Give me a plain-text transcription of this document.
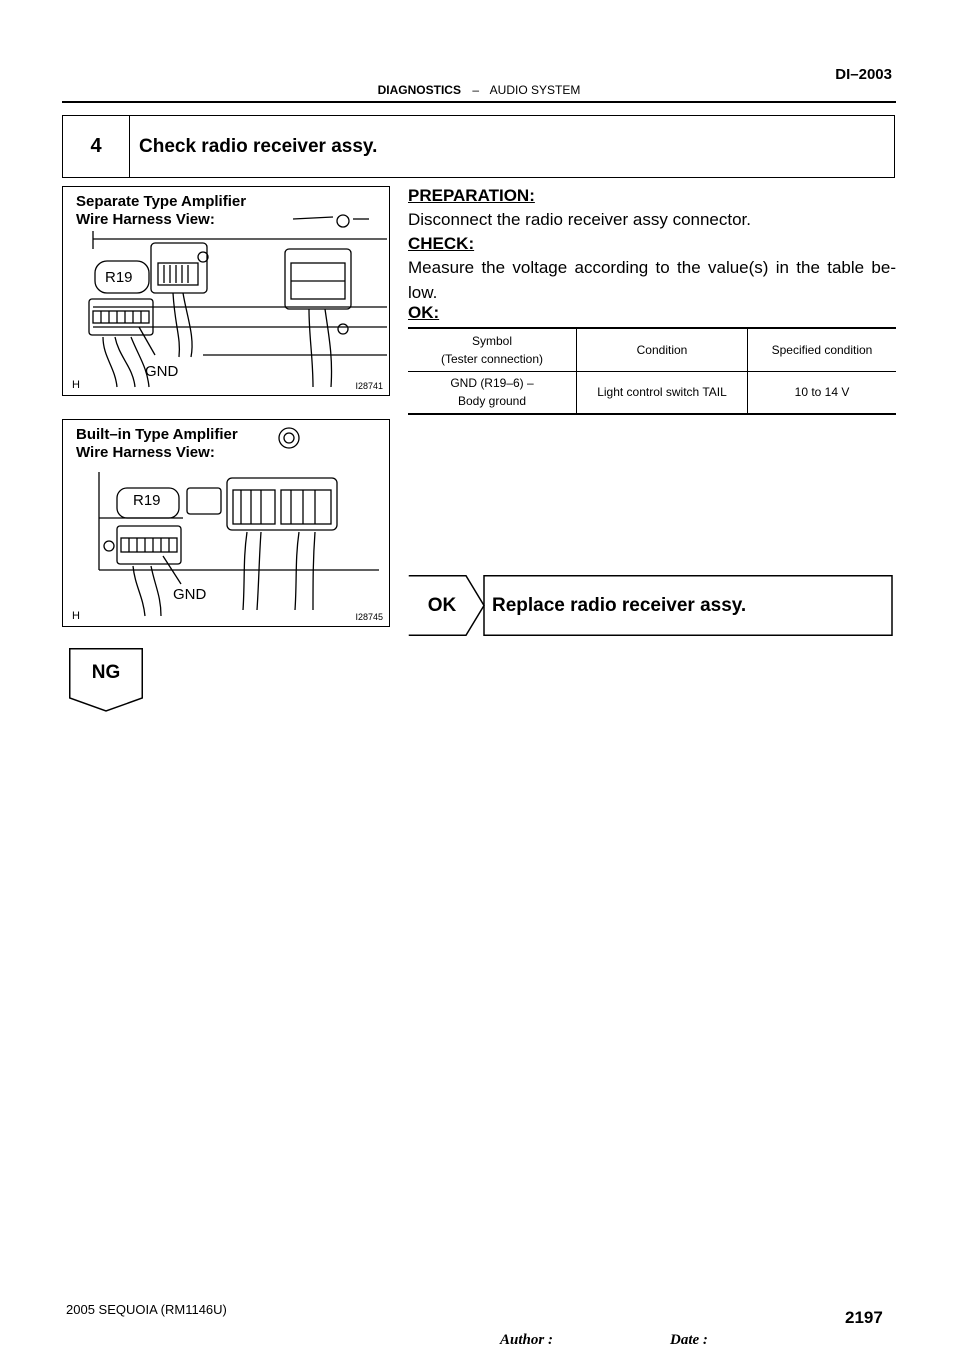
DI–2003
DIAGNOSTICS – AUDIO SYSTEM
4	Check radio receiver assy.
Separate Type Amplifier
Wire Harness View:
R19
GND
H	I28741
Built–in Type Amplifier
Wire Harness View:
R19
GND
H	I28745
PREPARATION:
Disconnect the radio receiver assy connector.
CHECK:
Measure the voltage according to the value(s) in the table be- low.
OK:
Symbol
(Tester connection)	Condition	Specified condition

GND (R19–6) –
Body ground	Light control switch TAIL	10 to 14 V
OK	Replace radio receiver assy.
NG
2005 SEQUOIA (RM1146U)	2197
Author :	Date :
